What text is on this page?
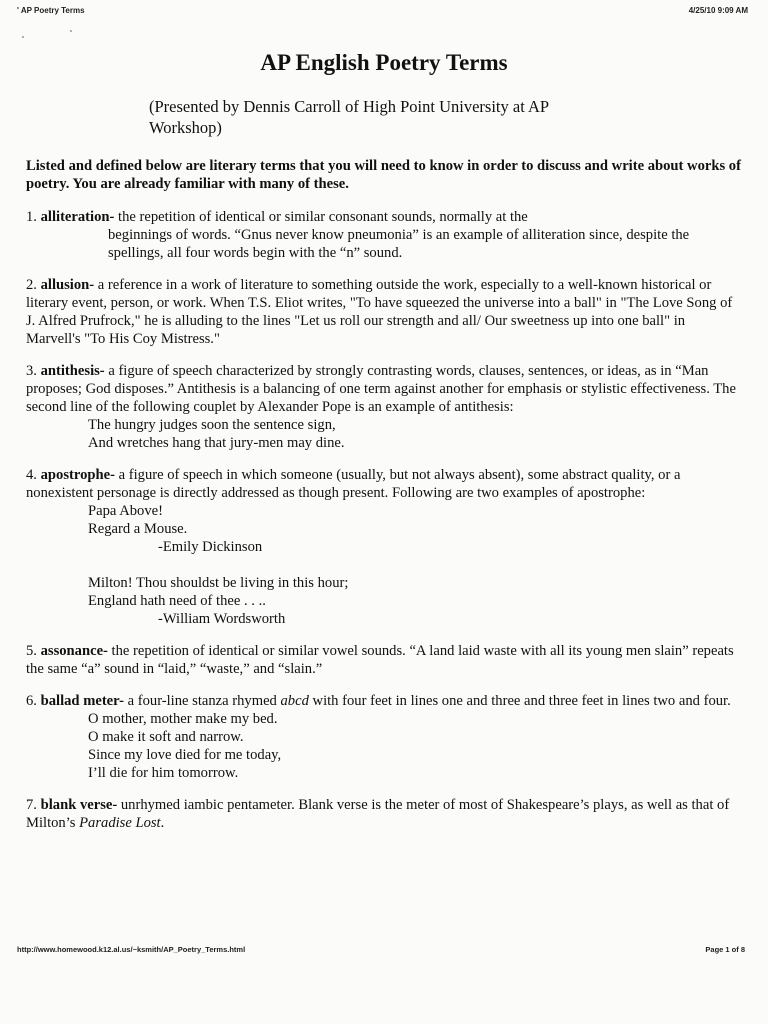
' AP Poetry Terms	4/25/10 9:09 AM
AP English Poetry Terms
(Presented by Dennis Carroll of High Point University at AP Workshop)

Listed and defined below are literary terms that you will need to know in order to discuss and write about works of poetry. You are already familiar with many of these.

1. alliteration- the repetition of identical or similar consonant sounds, normally at the
beginnings of words. “Gnus never know pneumonia” is an example of alliteration since, despite the spellings, all four words begin with the “n” sound.
2. allusion- a reference in a work of literature to something outside the work, especially to a well-known historical or literary event, person, or work. When T.S. Eliot writes, "To have squeezed the universe into a ball" in "The Love Song of J. Alfred Prufrock," he is alluding to the lines "Let us roll our strength and all/ Our sweetness up into one ball" in Marvell's "To His Coy Mistress."
3. antithesis- a figure of speech characterized by strongly contrasting words, clauses, sentences, or ideas, as in “Man proposes; God disposes.” Antithesis is a balancing of one term against another for emphasis or stylistic effectiveness. The second line of the following couplet by Alexander Pope is an example of antithesis:
The hungry judges soon the sentence sign,
And wretches hang that jury-men may dine.
4. apostrophe- a figure of speech in which someone (usually, but not always absent), some abstract quality, or a nonexistent personage is directly addressed as though present. Following are two examples of apostrophe:
Papa Above!
Regard a Mouse.
-Emily Dickinson
Milton! Thou shouldst be living in this hour;
England hath need of thee . . ..
-William Wordsworth
5. assonance- the repetition of identical or similar vowel sounds. “A land laid waste with all its young men slain” repeats the same “a” sound in “laid,” “waste,” and “slain.”
6. ballad meter- a four-line stanza rhymed abcd with four feet in lines one and three and three feet in lines two and four.
O mother, mother make my bed.
O make it soft and narrow.
Since my love died for me today,
I’ll die for him tomorrow.
7. blank verse- unrhymed iambic pentameter. Blank verse is the meter of most of Shakespeare’s plays, as well as that of Milton’s Paradise Lost.
http://www.homewood.k12.al.us/~ksmith/AP_Poetry_Terms.html	Page 1 of 8
